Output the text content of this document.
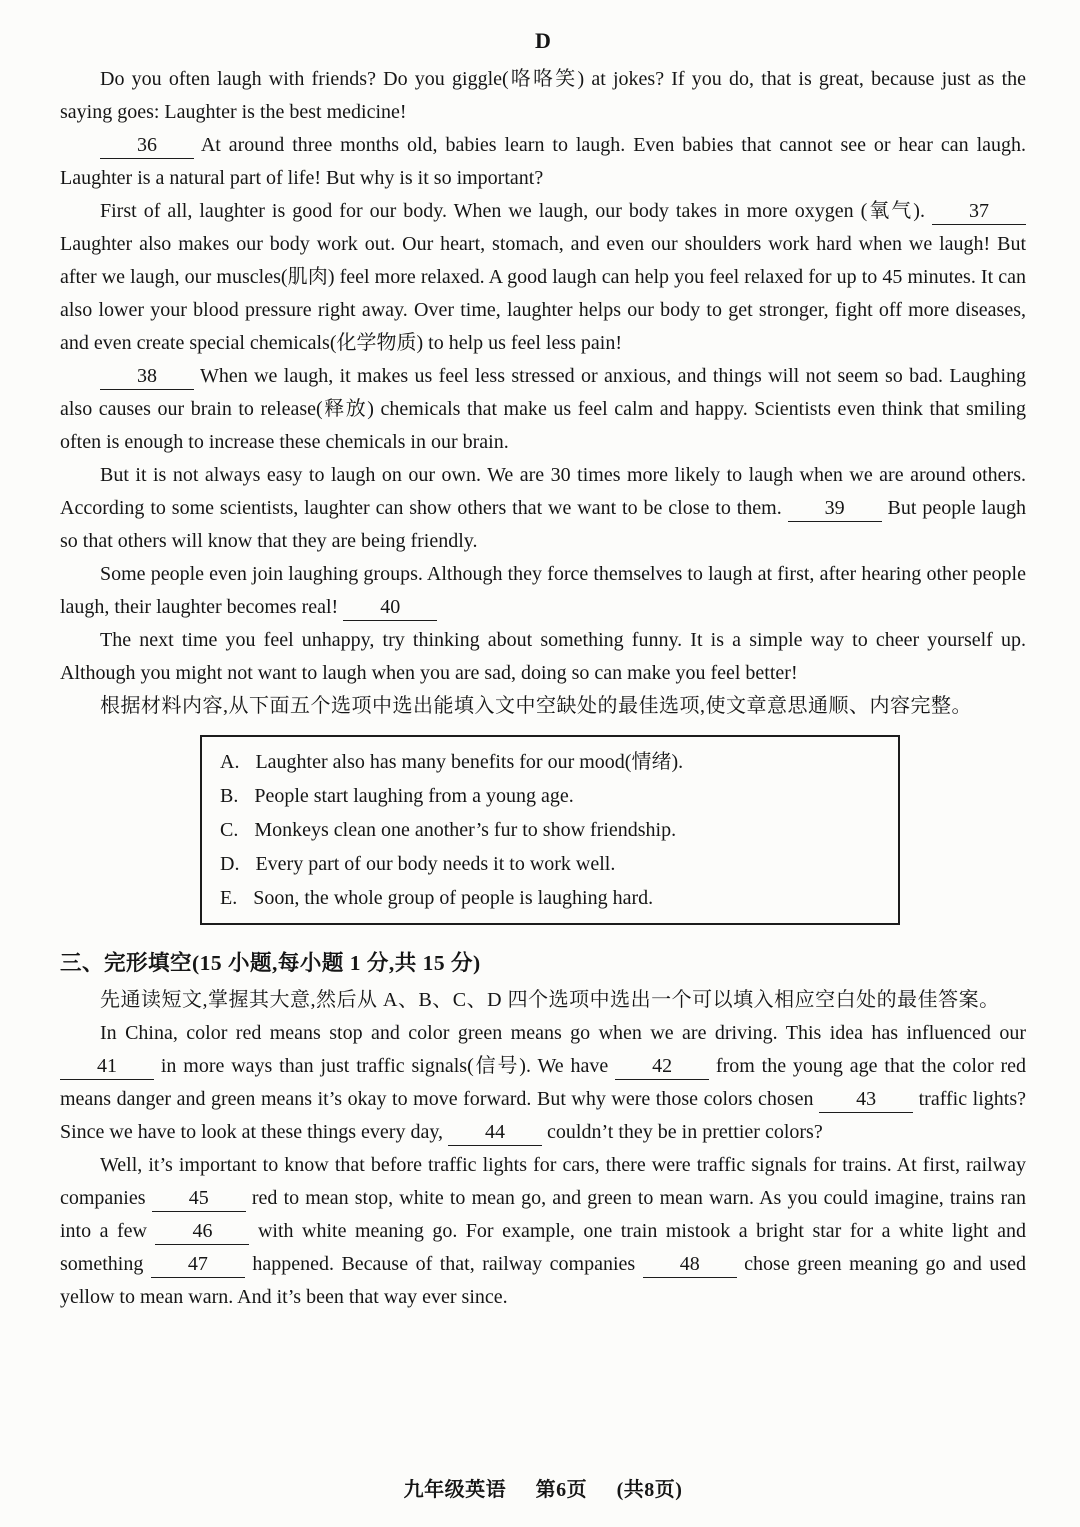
D

Do you often laugh with friends? Do you giggle(咯咯笑) at jokes? If you do, that is great, because just as the saying goes: Laughter is the best medicine!

36 At around three months old, babies learn to laugh. Even babies that cannot see or hear can laugh. Laughter is a natural part of life! But why is it so important?

First of all, laughter is good for our body. When we laugh, our body takes in more oxygen (氧气). 37 Laughter also makes our body work out. Our heart, stomach, and even our shoulders work hard when we laugh! But after we laugh, our muscles(肌肉) feel more relaxed. A good laugh can help you feel relaxed for up to 45 minutes. It can also lower your blood pressure right away. Over time, laughter helps our body to get stronger, fight off more diseases, and even create special chemicals(化学物质) to help us feel less pain!

38 When we laugh, it makes us feel less stressed or anxious, and things will not seem so bad. Laughing also causes our brain to release(释放) chemicals that make us feel calm and happy. Scientists even think that smiling often is enough to increase these chemicals in our brain.

But it is not always easy to laugh on our own. We are 30 times more likely to laugh when we are around others. According to some scientists, laughter can show others that we want to be close to them. 39 But people laugh so that others will know that they are being friendly.

Some people even join laughing groups. Although they force themselves to laugh at first, after hearing other people laugh, their laughter becomes real! 40

The next time you feel unhappy, try thinking about something funny. It is a simple way to cheer yourself up. Although you might not want to laugh when you are sad, doing so can make you feel better!

根据材料内容,从下面五个选项中选出能填入文中空缺处的最佳选项,使文章意思通顺、内容完整。

A. Laughter also has many benefits for our mood(情绪).
B. People start laughing from a young age.
C. Monkeys clean one another’s fur to show friendship.
D. Every part of our body needs it to work well.
E. Soon, the whole group of people is laughing hard.
三、完形填空(15 小题,每小题 1 分,共 15 分)

先通读短文,掌握其大意,然后从 A、B、C、D 四个选项中选出一个可以填入相应空白处的最佳答案。

In China, color red means stop and color green means go when we are driving. This idea has influenced our 41 in more ways than just traffic signals(信号). We have 42 from the young age that the color red means danger and green means it’s okay to move forward. But why were those colors chosen 43 traffic lights? Since we have to look at these things every day, 44 couldn’t they be in prettier colors?

Well, it’s important to know that before traffic lights for cars, there were traffic signals for trains. At first, railway companies 45 red to mean stop, white to mean go, and green to mean warn. As you could imagine, trains ran into a few 46 with white meaning go. For example, one train mistook a bright star for a white light and something 47 happened. Because of that, railway companies 48 chose green meaning go and used yellow to mean warn. And it’s been that way ever since.

九年级英语 第6页 (共8页)
